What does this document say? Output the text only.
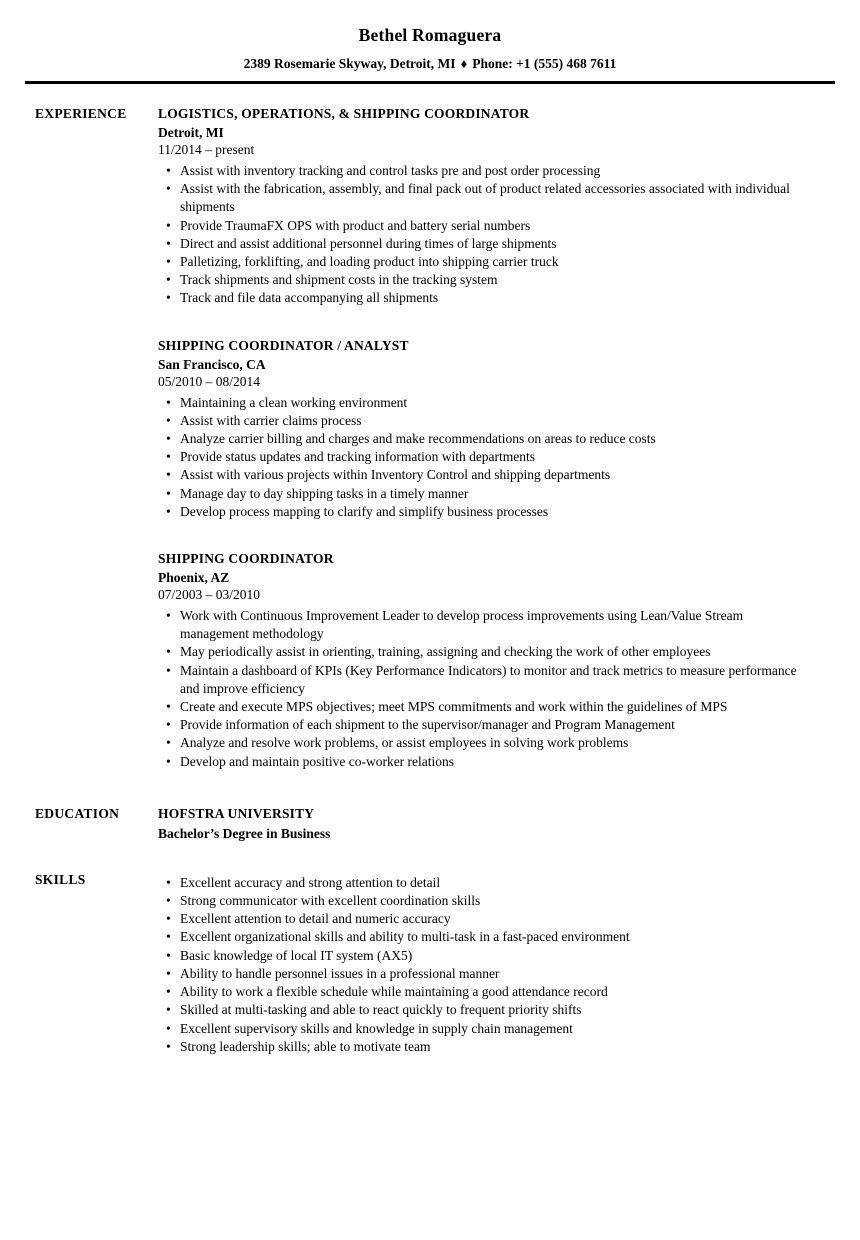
Bethel Romaguera
2389 Rosemarie Skyway, Detroit, MI ♦ Phone: +1 (555) 468 7611
EXPERIENCE	LOGISTICS, OPERATIONS, & SHIPPING COORDINATOR
Detroit, MI
11/2014 – present
• Assist with inventory tracking and control tasks pre and post order processing
• Assist with the fabrication, assembly, and final pack out of product related accessories associated with individual shipments
• Provide TraumaFX OPS with product and battery serial numbers
• Direct and assist additional personnel during times of large shipments
• Palletizing, forklifting, and loading product into shipping carrier truck
• Track shipments and shipment costs in the tracking system
• Track and file data accompanying all shipments
SHIPPING COORDINATOR / ANALYST
San Francisco, CA
05/2010 – 08/2014
• Maintaining a clean working environment
• Assist with carrier claims process
• Analyze carrier billing and charges and make recommendations on areas to reduce costs
• Provide status updates and tracking information with departments
• Assist with various projects within Inventory Control and shipping departments
• Manage day to day shipping tasks in a timely manner
• Develop process mapping to clarify and simplify business processes
SHIPPING COORDINATOR
Phoenix, AZ
07/2003 – 03/2010
• Work with Continuous Improvement Leader to develop process improvements using Lean/Value Stream management methodology
• May periodically assist in orienting, training, assigning and checking the work of other employees
• Maintain a dashboard of KPIs (Key Performance Indicators) to monitor and track metrics to measure performance and improve efficiency
• Create and execute MPS objectives; meet MPS commitments and work within the guidelines of MPS
• Provide information of each shipment to the supervisor/manager and Program Management
• Analyze and resolve work problems, or assist employees in solving work problems
• Develop and maintain positive co-worker relations
EDUCATION	HOFSTRA UNIVERSITY
Bachelor’s Degree in Business
SKILLS	• Excellent accuracy and strong attention to detail
• Strong communicator with excellent coordination skills
• Excellent attention to detail and numeric accuracy
• Excellent organizational skills and ability to multi-task in a fast-paced environment
• Basic knowledge of local IT system (AX5)
• Ability to handle personnel issues in a professional manner
• Ability to work a flexible schedule while maintaining a good attendance record
• Skilled at multi-tasking and able to react quickly to frequent priority shifts
• Excellent supervisory skills and knowledge in supply chain management
• Strong leadership skills; able to motivate team
